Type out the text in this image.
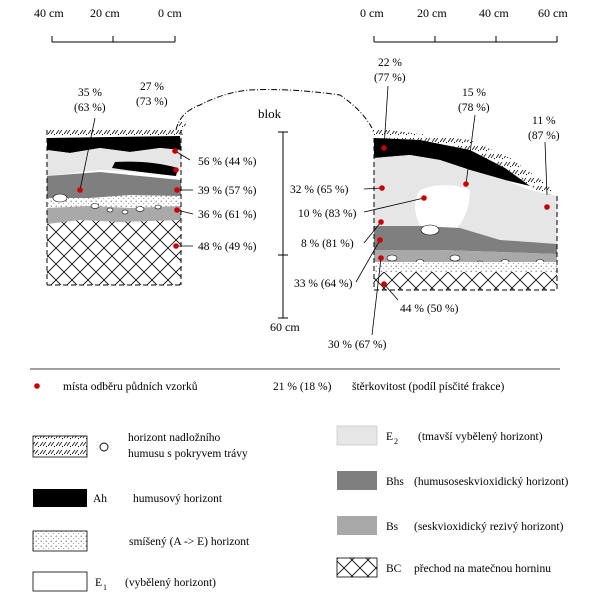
40 cm 20 cm	0 cm	0 cm	20 cm	40 cm 60 cm
blok
60 cm
35 %
(63 %)
27 %
(73 %)
56 % (44 %)
39 % (57 %)
36 % (61 %)
48 % (49 %)
22 %
(77 %)
15 %
(78 %)
11 %
(87 %)
32 % (65 %)
10 % (83 %)
8 % (81 %)
33 % (64 %)
44 % (50 %)
30 % (67 %)
místa odběru půdních vzorků	21 % (18 %) štěrkovitost (podíl písčité frakce)
horizont nadložního
humusu s pokryvem trávy
Ah humusový horizont
smíšený (A -> E) horizont
E 1 (vybělený horizont)
E 2 (tmavší vybělený horizont)
Bhs (humusoseskvioxidický horizont)
Bs (seskvioxidický rezivý horizont)
BC přechod na matečnou horninu
